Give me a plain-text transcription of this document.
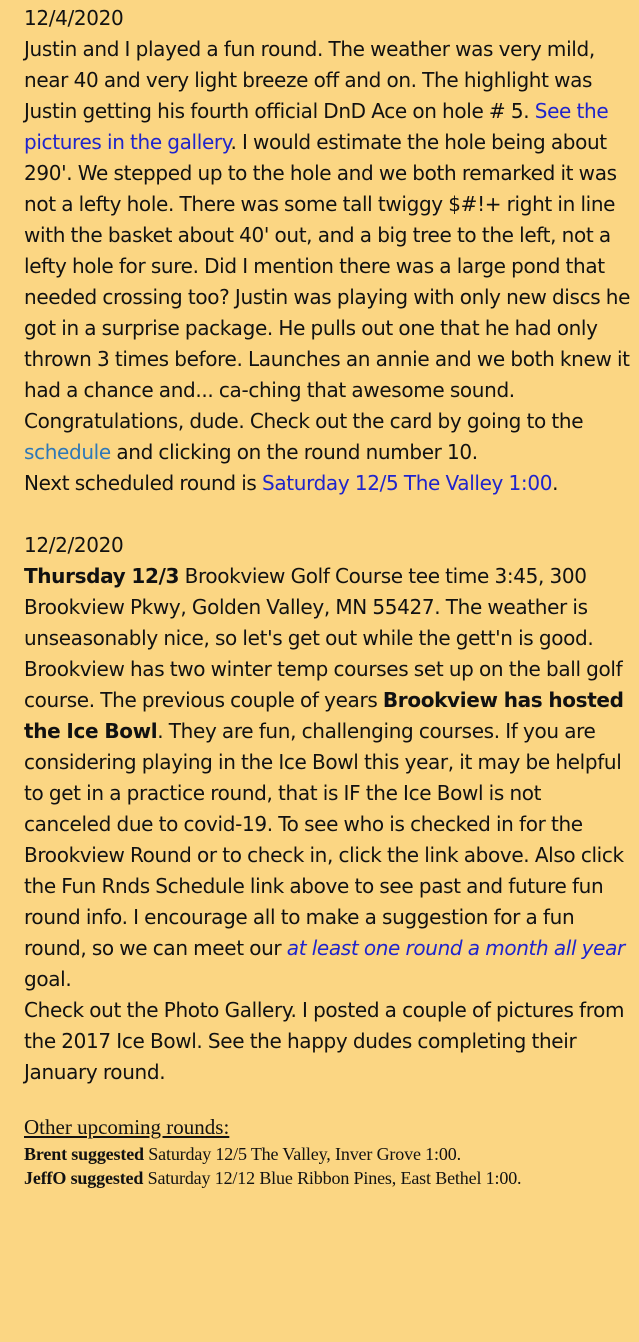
12/4/2020

Justin and I played a fun round. The weather was very mild, near 40 and very light breeze off and on. The highlight was Justin getting his fourth official DnD Ace on hole # 5. See the pictures in the gallery. I would estimate the hole being about 290'. We stepped up to the hole and we both remarked it was not a lefty hole. There was some tall twiggy $#!+ right in line with the basket about 40' out, and a big tree to the left, not a lefty hole for sure. Did I mention there was a large pond that needed crossing too? Justin was playing with only new discs he got in a surprise package. He pulls out one that he had only thrown 3 times before. Launches an annie and we both knew it had a chance and... ca-ching that awesome sound. Congratulations, dude. Check out the card by going to the schedule and clicking on the round number 10.

Next scheduled round is Saturday 12/5 The Valley 1:00.

12/2/2020

Thursday 12/3 Brookview Golf Course tee time 3:45, 300 Brookview Pkwy, Golden Valley, MN 55427. The weather is unseasonably nice, so let's get out while the gett'n is good. Brookview has two winter temp courses set up on the ball golf course. The previous couple of years Brookview has hosted the Ice Bowl. They are fun, challenging courses. If you are considering playing in the Ice Bowl this year, it may be helpful to get in a practice round, that is IF the Ice Bowl is not canceled due to covid-19. To see who is checked in for the Brookview Round or to check in, click the link above. Also click the Fun Rnds Schedule link above to see past and future fun round info. I encourage all to make a suggestion for a fun round, so we can meet our at least one round a month all year goal.

Check out the Photo Gallery. I posted a couple of pictures from the 2017 Ice Bowl. See the happy dudes completing their January round.

Other upcoming rounds:
Brent suggested Saturday 12/5 The Valley, Inver Grove 1:00.
JeffO suggested Saturday 12/12 Blue Ribbon Pines, East Bethel 1:00.
